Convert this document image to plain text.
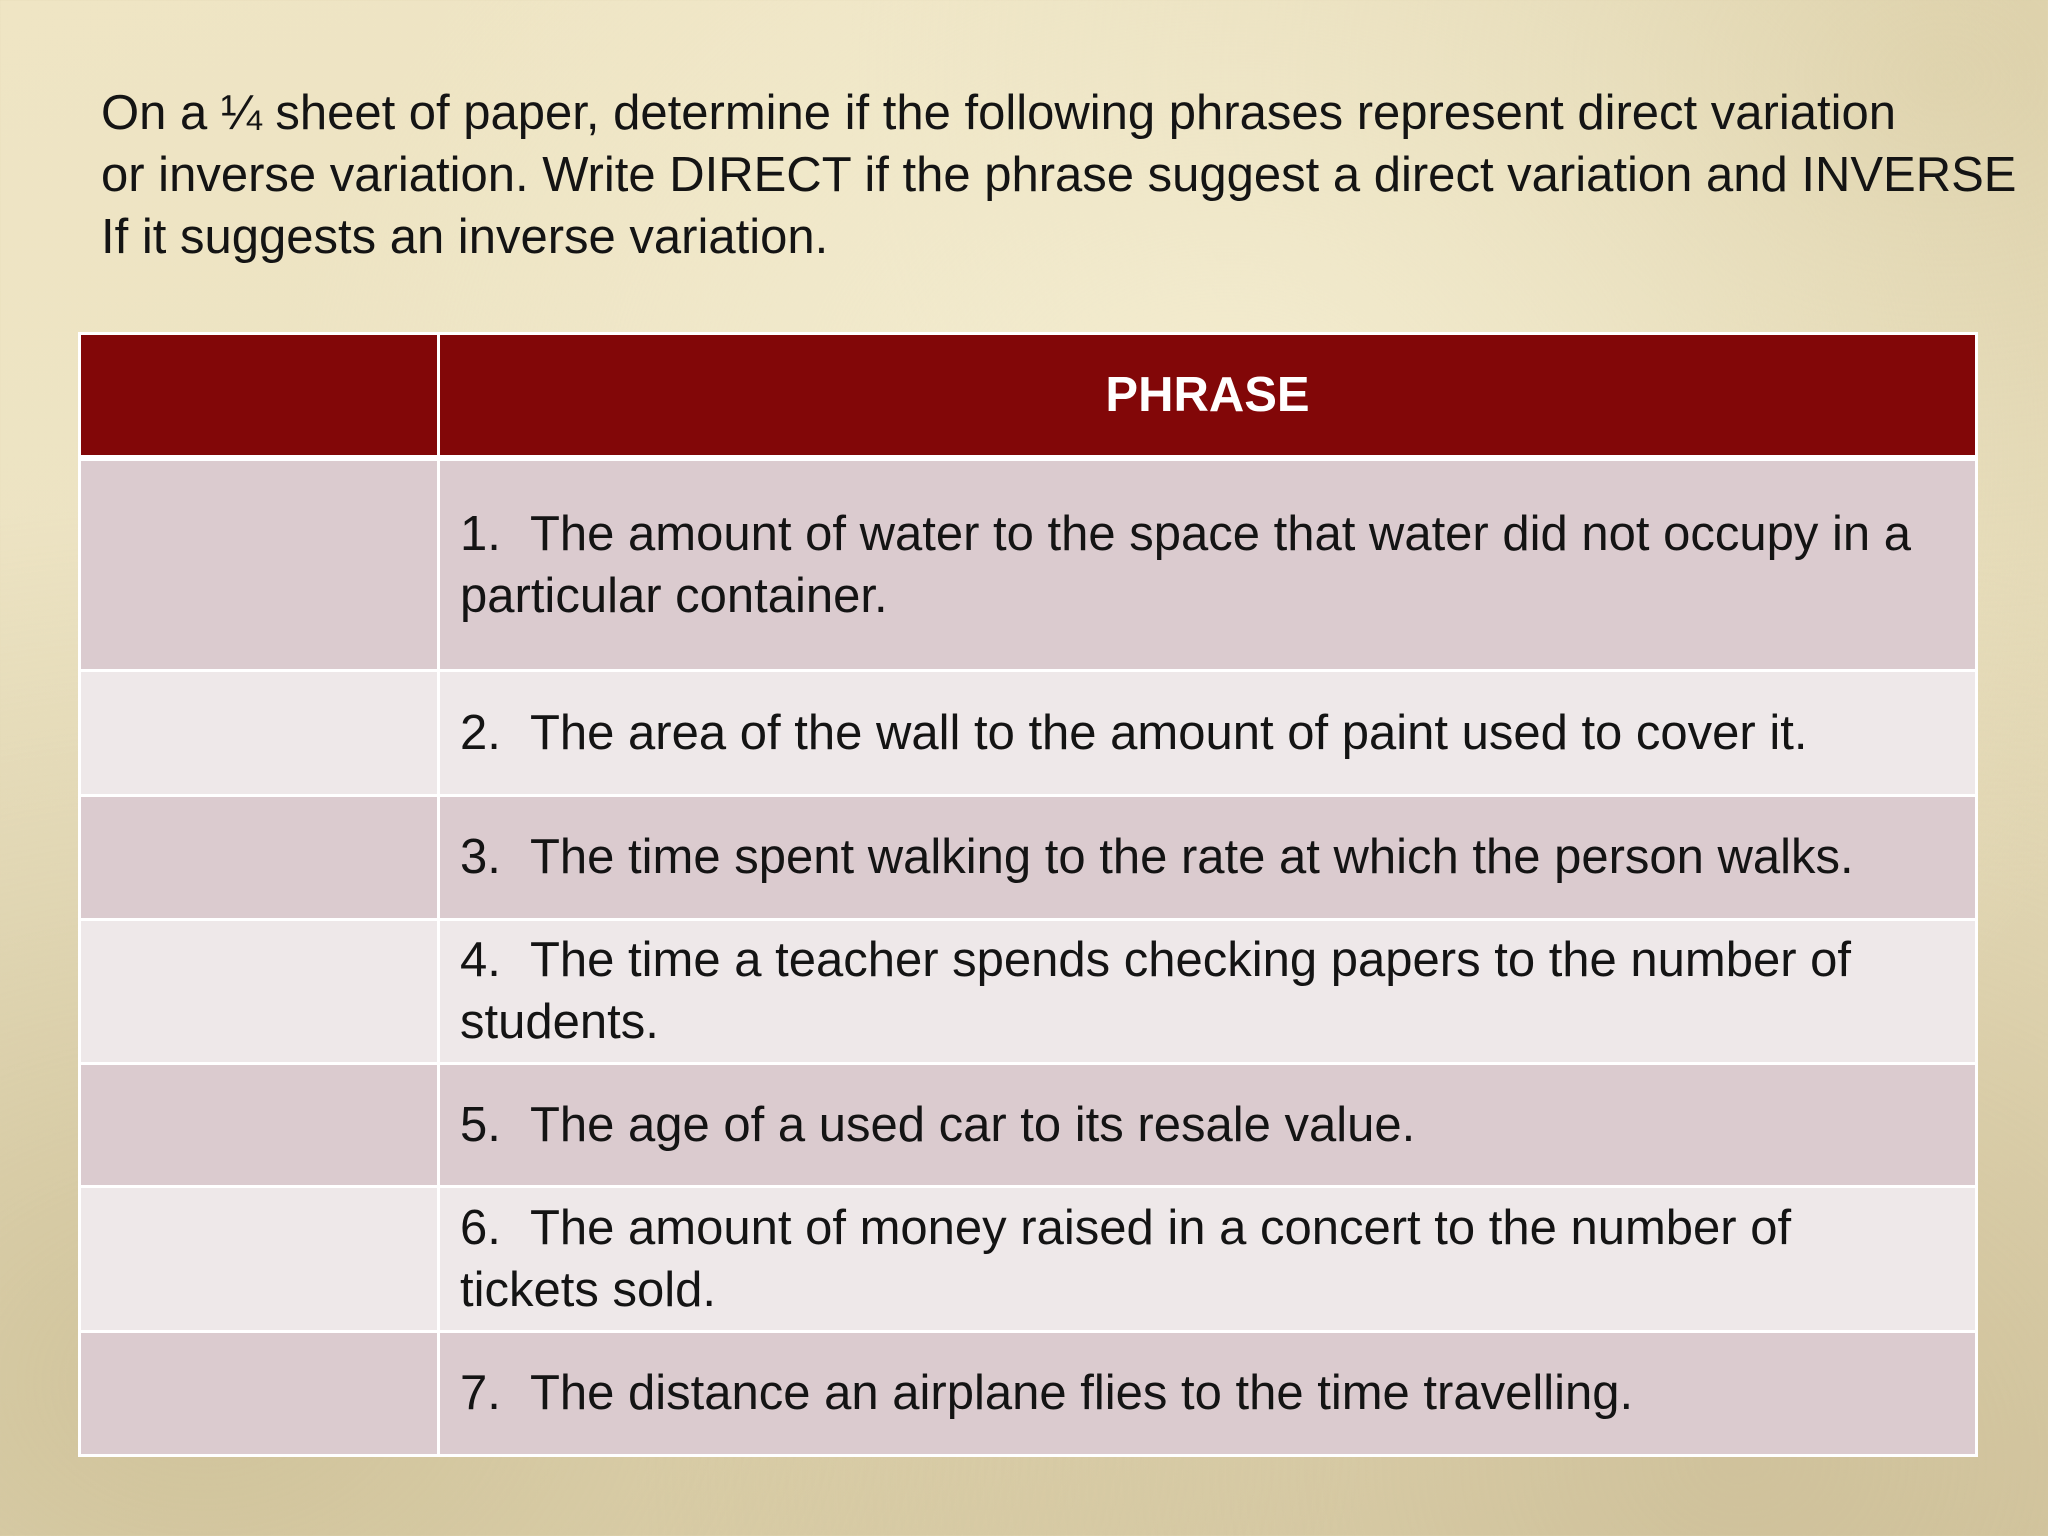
On a ¼ sheet of paper, determine if the following phrases represent direct variation
or inverse variation. Write DIRECT if the phrase suggest a direct variation and INVERSE
If it suggests an inverse variation.

	PHRASE
	1. The amount of water to the space that water did not occupy in a particular container.
	2. The area of the wall to the amount of paint used to cover it.
	3. The time spent walking to the rate at which the person walks.
	4. The time a teacher spends checking papers to the number of students.
	5. The age of a used car to its resale value.
	6. The amount of money raised in a concert to the number of tickets sold.
	7. The distance an airplane flies to the time travelling.
